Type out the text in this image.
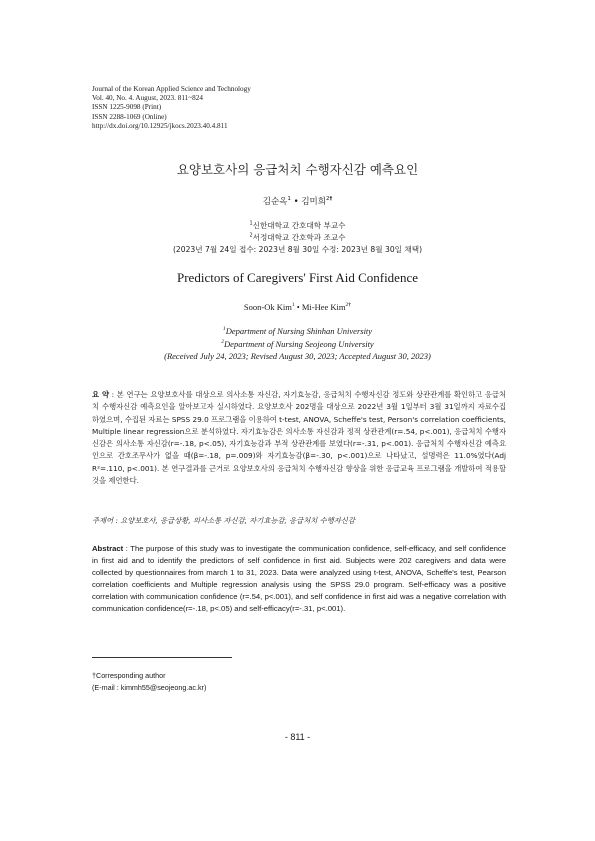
Journal of the Korean Applied Science and Technology
Vol. 40, No. 4. August, 2023. 811~824
ISSN 1225-9098 (Print)
ISSN 2288-1069 (Online)
http://dx.doi.org/10.12925/jkocs.2023.40.4.811
요양보호사의 응급처치 수행자신감 예측요인
김순옥$^1$ • 김미희$^{2\dagger}$
$^1$신한대학교 간호대학 부교수
$^2$서정대학교 간호학과 조교수
(2023년 7월 24일 접수: 2023년 8월 30일 수정: 2023년 8월 30일 채택)
Predictors of Caregivers' First Aid Confidence
Soon-Ok Kim$^1$ • Mi-Hee Kim$^{2\dagger}$
$^1$Department of Nursing Shinhan University
$^2$Department of Nursing Seojeong University
(Received July 24, 2023; Revised August 30, 2023; Accepted August 30, 2023)
요 약 : 본 연구는 요양보호사를 대상으로 의사소통 자신감, 자기효능감, 응급처치 수행자신감 정도와 상관관계를 확인하고 응급처치 수행자신감 예측요인을 알아보고자 실시하였다. 요양보호사 202명을 대상으로 2022년 3월 1일부터 3월 31일까지 자료수집 하였으며, 수집된 자료는 SPSS 29.0 프로그램을 이용하여 t-test, ANOVA, Scheffe's test, Person's correlation coefficients, Multiple linear regression으로 분석하였다. 자기효능감은 의사소통 자신감과 정적 상관관계(r=.54, p<.001), 응급처치 수행자신감은 의사소통 자신감(r=-.18, p<.05), 자기효능감과 부적 상관관계를 보였다(r=-.31, p<.001). 응급처치 수행자신감 예측요인으로 간호조무사가 없을 때(β=-.18, p=.009)와 자기효능감(β=-.30, p<.001)으로 나타났고, 설명력은 11.0%였다(Adj R²=.110, p<.001). 본 연구결과를 근거로 요양보호사의 응급처치 수행자신감 향상을 위한 응급교육 프로그램을 개발하여 적용할 것을 제언한다.
주제어 : 요양보호사, 응급상황, 의사소통 자신감, 자기효능감, 응급처치 수행자신감
Abstract : The purpose of this study was to investigate the communication confidence, self-efficacy, and self confidence in first aid and to identify the predictors of self confidence in first aid. Subjects were 202 caregivers and data were collected by questionnaires from march 1 to 31, 2023. Data were analyzed using t-test, ANOVA, Scheffe's test, Pearson correlation coefficients and Multiple regression analysis using the SPSS 29.0 program. Self-efficacy was a positive correlation with communication confidence (r=.54, p<.001), and self confidence in first aid was a negative correlation with communication confidence(r=-.18, p<.05) and self-efficacy(r=-.31, p<.001).
†Corresponding author
(E-mail : kimmh55@seojeong.ac.kr)
- 811 -
